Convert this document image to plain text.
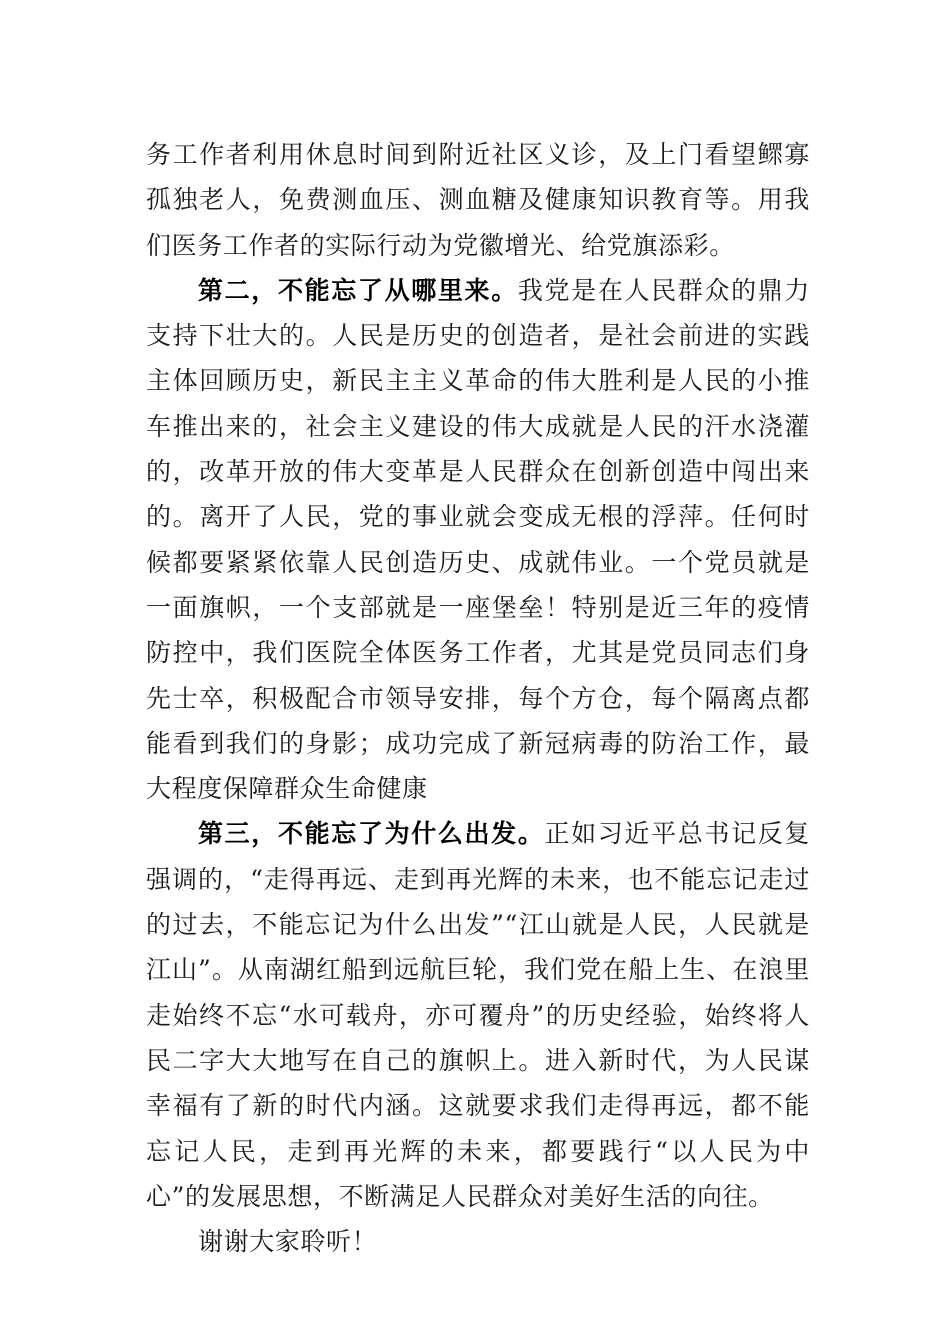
务工作者利用休息时间到附近社区义诊，及上门看望鳏寡孤独老人，免费测血压、测血糖及健康知识教育等。用我们医务工作者的实际行动为党徽增光、给党旗添彩。

第二，不能忘了从哪里来。我党是在人民群众的鼎力支持下壮大的。人民是历史的创造者，是社会前进的实践主体回顾历史，新民主主义革命的伟大胜利是人民的小推车推出来的，社会主义建设的伟大成就是人民的汗水浇灌的，改革开放的伟大变革是人民群众在创新创造中闯出来的。离开了人民，党的事业就会变成无根的浮萍。任何时候都要紧紧依靠人民创造历史、成就伟业。一个党员就是一面旗帜，一个支部就是一座堡垒！特别是近三年的疫情防控中，我们医院全体医务工作者，尤其是党员同志们身先士卒，积极配合市领导安排，每个方仓，每个隔离点都能看到我们的身影；成功完成了新冠病毒的防治工作，最大程度保障群众生命健康

第三，不能忘了为什么出发。正如习近平总书记反复强调的，“走得再远、走到再光辉的未来，也不能忘记走过的过去，不能忘记为什么出发”“江山就是人民，人民就是江山”。从南湖红船到远航巨轮，我们党在船上生、在浪里走始终不忘“水可载舟，亦可覆舟”的历史经验，始终将人民二字大大地写在自己的旗帜上。进入新时代，为人民谋幸福有了新的时代内涵。这就要求我们走得再远，都不能忘记人民，走到再光辉的未来，都要践行“以人民为中心”的发展思想，不断满足人民群众对美好生活的向往。

谢谢大家聆听！
